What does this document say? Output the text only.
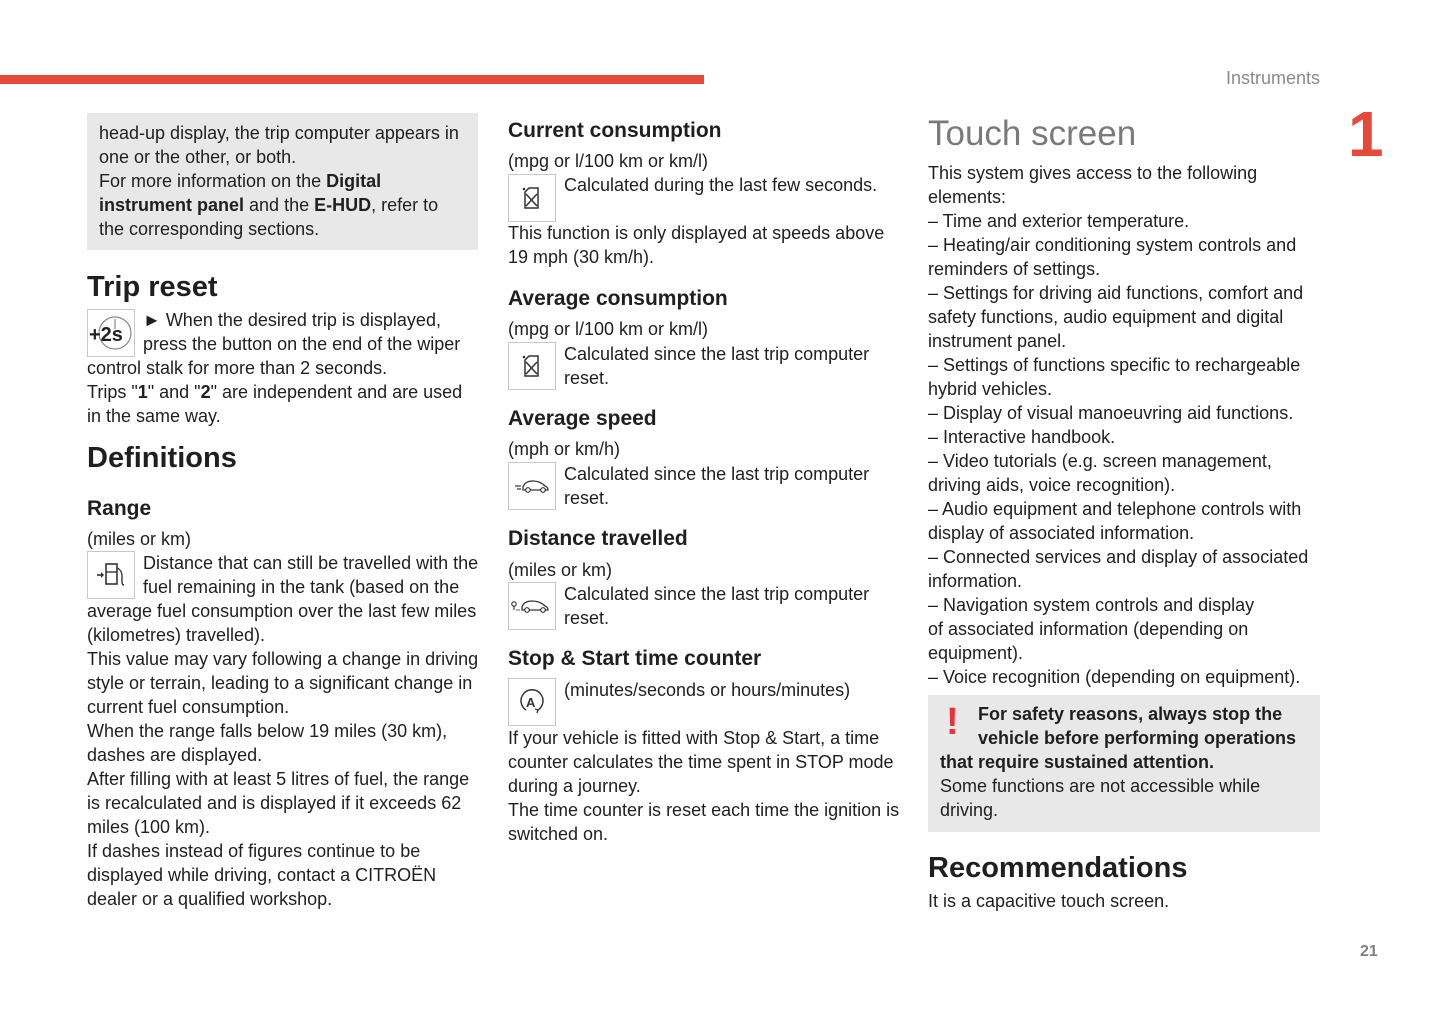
Instruments
1
head-up display, the trip computer appears in
one or the other, or both.
For more information on the Digital
instrument panel and the E-HUD, refer to
the corresponding sections.
Trip reset
+2s
► When the desired trip is displayed,
press the button on the end of the wiper
control stalk for more than 2 seconds.
Trips "1" and "2" are independent and are used
in the same way.
Definitions
Range
(miles or km)
Distance that can still be travelled with the
fuel remaining in the tank (based on the
average fuel consumption over the last few miles
(kilometres) travelled).
This value may vary following a change in driving
style or terrain, leading to a significant change in
current fuel consumption.
When the range falls below 19 miles (30 km),
dashes are displayed.
After filling with at least 5 litres of fuel, the range
is recalculated and is displayed if it exceeds 62
miles (100 km).
If dashes instead of figures continue to be
displayed while driving, contact a CITROËN
dealer or a qualified workshop.
Current consumption
(mpg or l/100 km or km/l)
Calculated during the last few seconds.
This function is only displayed at speeds above
19 mph (30 km/h).
Average consumption
(mpg or l/100 km or km/l)
Calculated since the last trip computer
reset.
Average speed
(mph or km/h)
Calculated since the last trip computer
reset.
Distance travelled
(miles or km)
Calculated since the last trip computer
reset.
Stop & Start time counter
A
(minutes/seconds or hours/minutes)
If your vehicle is fitted with Stop & Start, a time
counter calculates the time spent in STOP mode
during a journey.
The time counter is reset each time the ignition is
switched on.
Touch screen
This system gives access to the following
elements:
– Time and exterior temperature.
– Heating/air conditioning system controls and
reminders of settings.
– Settings for driving aid functions, comfort and
safety functions, audio equipment and digital
instrument panel.
– Settings of functions specific to rechargeable
hybrid vehicles.
– Display of visual manoeuvring aid functions.
– Interactive handbook.
– Video tutorials (e.g. screen management,
driving aids, voice recognition).
– Audio equipment and telephone controls with
display of associated information.
– Connected services and display of associated
information.
– Navigation system controls and display
of associated information (depending on
equipment).
– Voice recognition (depending on equipment).
! For safety reasons, always stop the
vehicle before performing operations
that require sustained attention.
Some functions are not accessible while
driving.
Recommendations
It is a capacitive touch screen.
21
